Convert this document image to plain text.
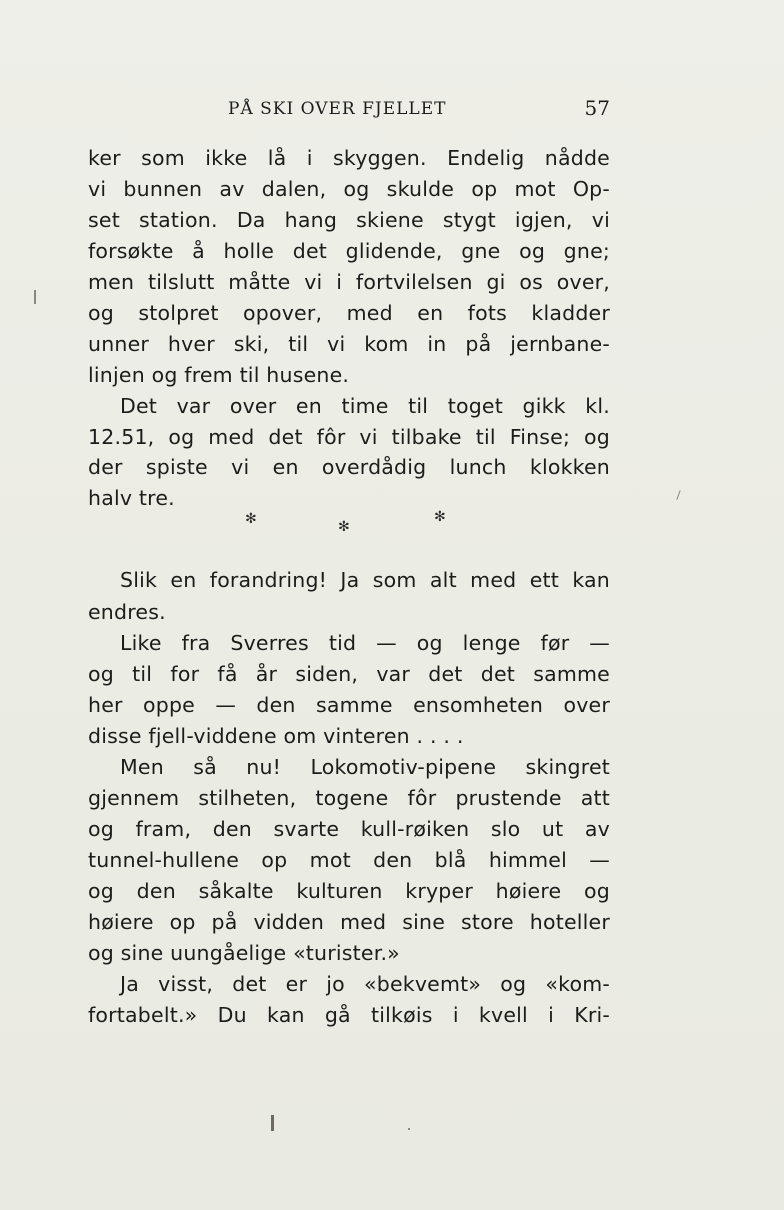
PÅ SKI OVER FJELLET	57
ker som ikke lå i skyggen. Endelig nådde
vi bunnen av dalen, og skulde op mot Op-
set station. Da hang skiene stygt igjen, vi
forsøkte å holle det glidende, gne og gne;
men tilslutt måtte vi i fortvilelsen gi os over,
og stolpret opover, med en fots kladder
unner hver ski, til vi kom in på jernbane-
linjen og frem til husene.
Det var over en time til toget gikk kl.
12.51, og med det fôr vi tilbake til Finse; og
der spiste vi en overdådig lunch klokken
halv tre.
✻	✻
✻
Slik en forandring! Ja som alt med ett kan
endres.
Like fra Sverres tid — og lenge før —
og til for få år siden, var det det samme
her oppe — den samme ensomheten over
disse fjell-viddene om vinteren . . . .
Men så nu! Lokomotiv-pipene skingret
gjennem stilheten, togene fôr prustende att
og fram, den svarte kull-røiken slo ut av
tunnel-hullene op mot den blå himmel —
og den såkalte kulturen kryper høiere og
høiere op på vidden med sine store hoteller
og sine uungåelige «turister.»
Ja visst, det er jo «bekvemt» og «kom-
fortabelt.» Du kan gå tilkøis i kvell i Kri-
